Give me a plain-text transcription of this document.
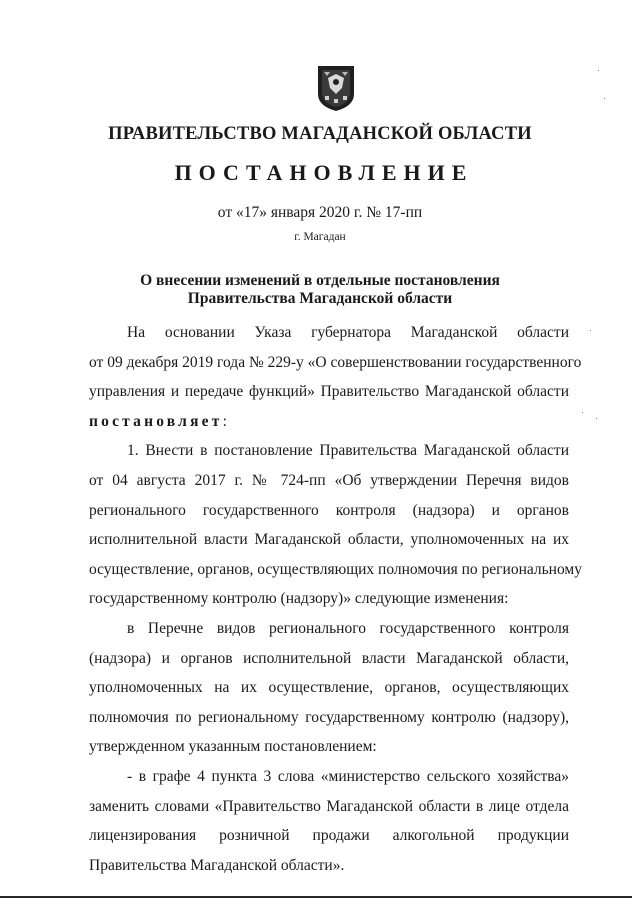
ПРАВИТЕЛЬСТВО МАГАДАНСКОЙ ОБЛАСТИ
ПОСТАНОВЛЕНИЕ
от «17» января 2020 г. № 17-пп
г. Магадан
О внесении изменений в отдельные постановления
Правительства Магаданской области
На основании Указа губернатора Магаданской области
от 09 декабря 2019 года № 229-у «О совершенствовании государственного
управления и передаче функций» Правительство Магаданской области
постановляет:
1. Внести в постановление Правительства Магаданской области
от 04 августа 2017 г. № 724-пп «Об утверждении Перечня видов
регионального государственного контроля (надзора) и органов
исполнительной власти Магаданской области, уполномоченных на их
осуществление, органов, осуществляющих полномочия по региональному
государственному контролю (надзору)» следующие изменения:
в Перечне видов регионального государственного контроля
(надзора) и органов исполнительной власти Магаданской области,
уполномоченных на их осуществление, органов, осуществляющих
полномочия по региональному государственному контролю (надзору),
утвержденном указанным постановлением:
- в графе 4 пункта 3 слова «министерство сельского хозяйства»
заменить словами «Правительство Магаданской области в лице отдела
лицензирования розничной продажи алкогольной продукции
Правительства Магаданской области».
